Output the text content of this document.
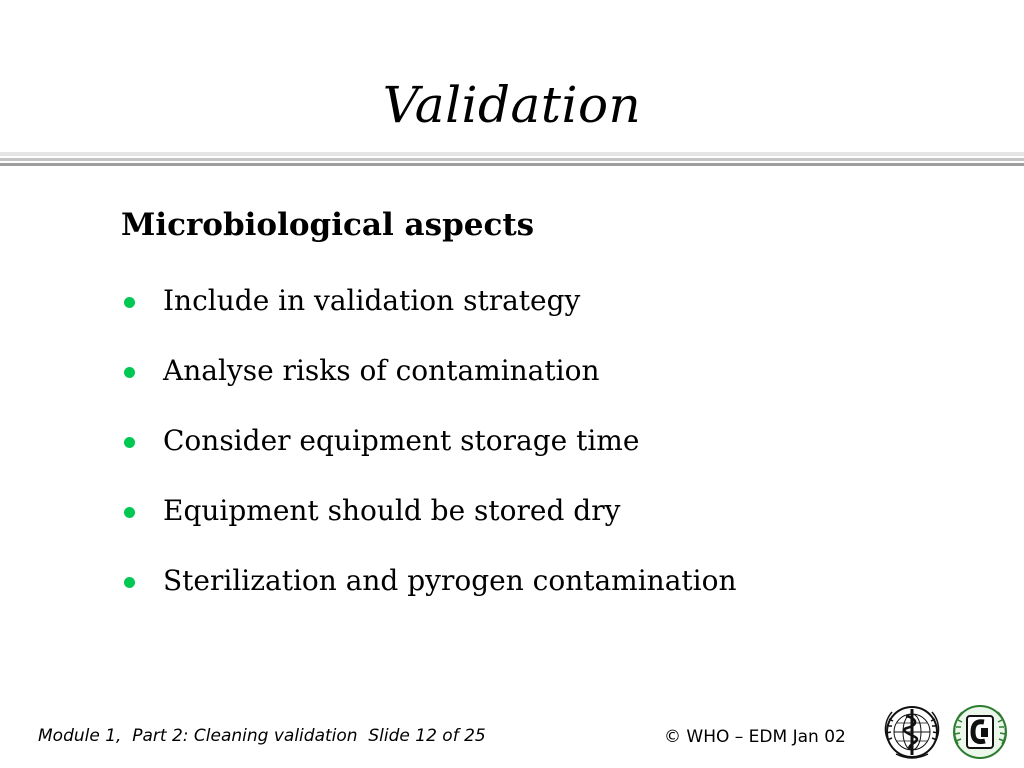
Validation
Microbiological aspects
Include in validation strategy
Analyse risks of contamination
Consider equipment storage time
Equipment should be stored dry
Sterilization and pyrogen contamination
Module 1,  Part 2: Cleaning validation  Slide 12 of 25	© WHO – EDM Jan 02
